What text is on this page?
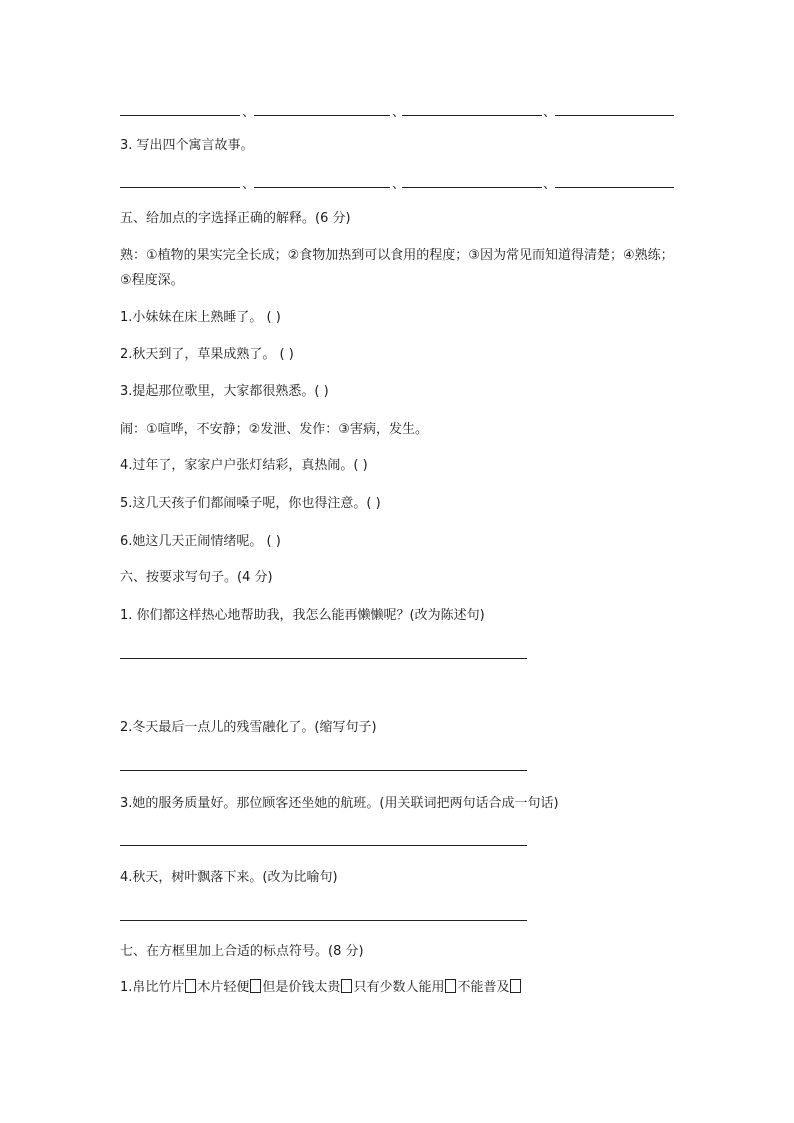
、	、	、
3. 写出四个寓言故事。
、	、	、
五、给加点的字选择正确的解释。(6 分)
熟：①植物的果实完全长成；②食物加热到可以食用的程度；③因为常见而知道得清楚；④熟练；⑤程度深。
1.小妹妹在床上熟睡了。 ( )
2.秋天到了，草果成熟了。 ( )
3.提起那位歌里，大家都很熟悉。( )
闹：①喧哗，不安静；②发泄、发作：③害病，发生。
4.过年了，家家户户张灯结彩，真热闹。( )
5.这几天孩子们都闹嗓子呢，你也得注意。( )
6.她这几天正闹情绪呢。 ( )
六、按要求写句子。(4 分)
1. 你们都这样热心地帮助我，我怎么能再懒懒呢？(改为陈述句)
2.冬天最后一点儿的残雪融化了。(缩写句子)
3.她的服务质量好。那位顾客还坐她的航班。(用关联词把两句话合成一句话)
4.秋天，树叶飘落下来。(改为比喻句)
七、在方框里加上合适的标点符号。(8 分)
1.帛比竹片 木片轻便 但是价钱太贵 只有少数人能用 不能普及
